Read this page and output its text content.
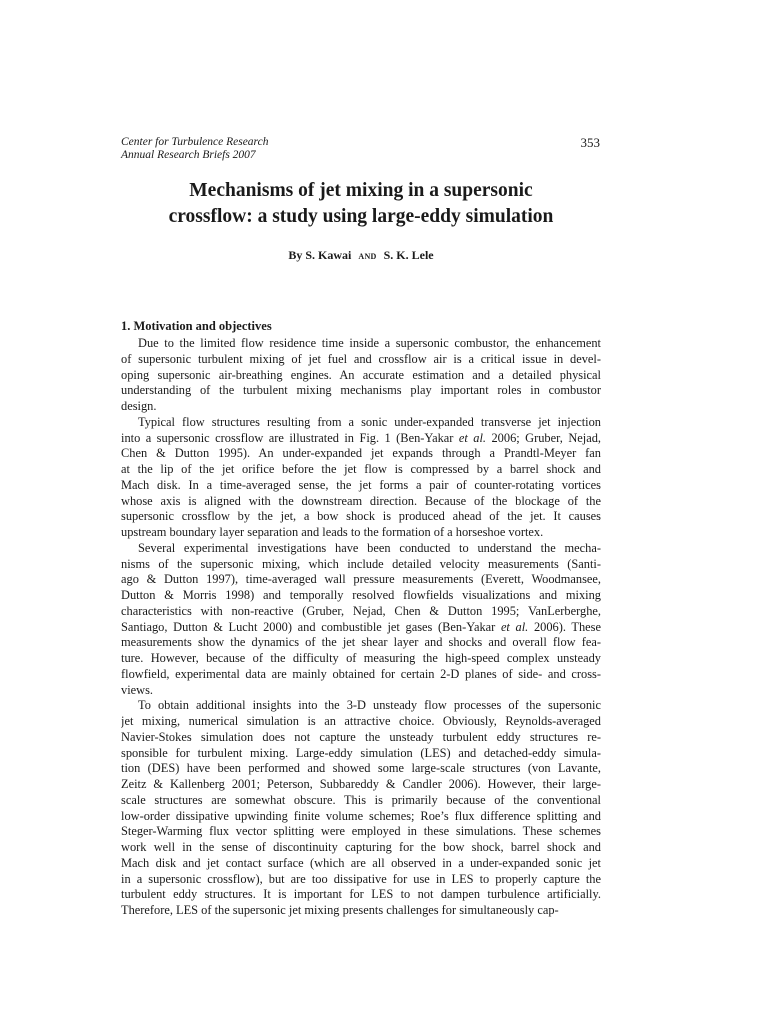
Center for Turbulence Research
Annual Research Briefs 2007
353
Mechanisms of jet mixing in a supersonic
crossflow: a study using large-eddy simulation
By S. Kawai and S. K. Lele
1. Motivation and objectives
Due to the limited flow residence time inside a supersonic combustor, the enhancement
of supersonic turbulent mixing of jet fuel and crossflow air is a critical issue in devel-
oping supersonic air-breathing engines. An accurate estimation and a detailed physical
understanding of the turbulent mixing mechanisms play important roles in combustor
design.
Typical flow structures resulting from a sonic under-expanded transverse jet injection
into a supersonic crossflow are illustrated in Fig. 1 (Ben-Yakar et al. 2006; Gruber, Nejad,
Chen & Dutton 1995). An under-expanded jet expands through a Prandtl-Meyer fan
at the lip of the jet orifice before the jet flow is compressed by a barrel shock and
Mach disk. In a time-averaged sense, the jet forms a pair of counter-rotating vortices
whose axis is aligned with the downstream direction. Because of the blockage of the
supersonic crossflow by the jet, a bow shock is produced ahead of the jet. It causes
upstream boundary layer separation and leads to the formation of a horseshoe vortex.
Several experimental investigations have been conducted to understand the mecha-
nisms of the supersonic mixing, which include detailed velocity measurements (Santi-
ago & Dutton 1997), time-averaged wall pressure measurements (Everett, Woodmansee,
Dutton & Morris 1998) and temporally resolved flowfields visualizations and mixing
characteristics with non-reactive (Gruber, Nejad, Chen & Dutton 1995; VanLerberghe,
Santiago, Dutton & Lucht 2000) and combustible jet gases (Ben-Yakar et al. 2006). These
measurements show the dynamics of the jet shear layer and shocks and overall flow fea-
ture. However, because of the difficulty of measuring the high-speed complex unsteady
flowfield, experimental data are mainly obtained for certain 2-D planes of side- and cross-
views.
To obtain additional insights into the 3-D unsteady flow processes of the supersonic
jet mixing, numerical simulation is an attractive choice. Obviously, Reynolds-averaged
Navier-Stokes simulation does not capture the unsteady turbulent eddy structures re-
sponsible for turbulent mixing. Large-eddy simulation (LES) and detached-eddy simula-
tion (DES) have been performed and showed some large-scale structures (von Lavante,
Zeitz & Kallenberg 2001; Peterson, Subbareddy & Candler 2006). However, their large-
scale structures are somewhat obscure. This is primarily because of the conventional
low-order dissipative upwinding finite volume schemes; Roe’s flux difference splitting and
Steger-Warming flux vector splitting were employed in these simulations. These schemes
work well in the sense of discontinuity capturing for the bow shock, barrel shock and
Mach disk and jet contact surface (which are all observed in a under-expanded sonic jet
in a supersonic crossflow), but are too dissipative for use in LES to properly capture the
turbulent eddy structures. It is important for LES to not dampen turbulence artificially.
Therefore, LES of the supersonic jet mixing presents challenges for simultaneously cap-
